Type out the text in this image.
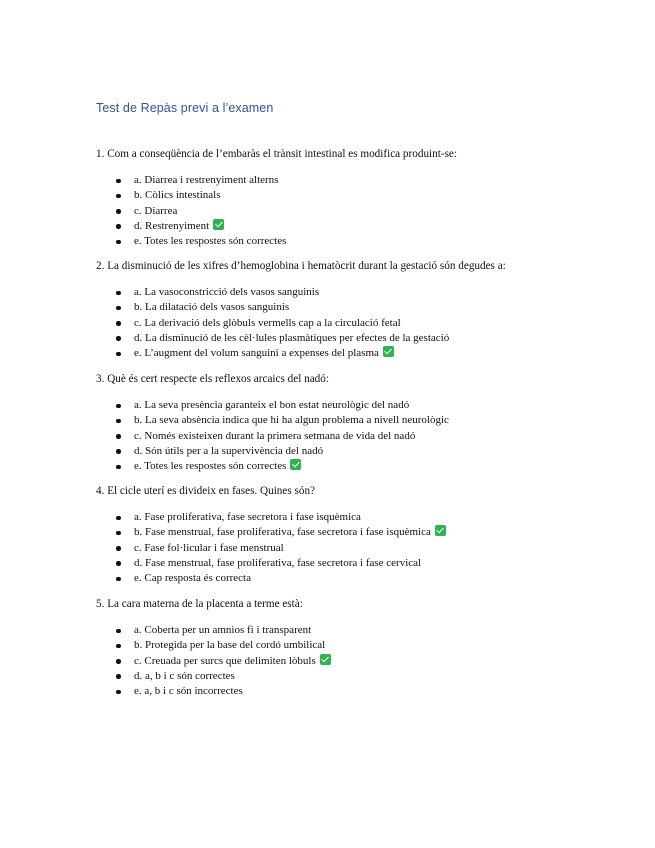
Test de Repàs previ a l’examen

1. Com a conseqüència de l’embaràs el trànsit intestinal es modifica produint-se:

a. Diarrea i restrenyiment alterns
b. Còlics intestinals
c. Diarrea
d. Restrenyiment
e. Totes les respostes són correctes

2. La disminució de les xifres d’hemoglobina i hematòcrit durant la gestació són degudes a:

a. La vasoconstricció dels vasos sanguinis
b. La dilatació dels vasos sanguinis
c. La derivació dels glòbuls vermells cap a la circulació fetal
d. La disminució de les cèl·lules plasmàtiques per efectes de la gestació
e. L’augment del volum sanguini a expenses del plasma

3. Què és cert respecte els reflexos arcaics del nadó:

a. La seva presència garanteix el bon estat neurològic del nadó
b. La seva absència indica que hi ha algun problema a nivell neurològic
c. Només existeixen durant la primera setmana de vida del nadó
d. Són útils per a la supervivència del nadó
e. Totes les respostes són correctes

4. El cicle uterí es divideix en fases. Quines són?

a. Fase proliferativa, fase secretora i fase isquèmica
b. Fase menstrual, fase proliferativa, fase secretora i fase isquèmica
c. Fase fol·licular i fase menstrual
d. Fase menstrual, fase proliferativa, fase secretora i fase cervical
e. Cap resposta és correcta

5. La cara materna de la placenta a terme està:

a. Coberta per un amnios fi i transparent
b. Protegida per la base del cordó umbilical
c. Creuada per surcs que delimiten lòbuls
d. a, b i c són correctes
e. a, b i c són incorrectes
